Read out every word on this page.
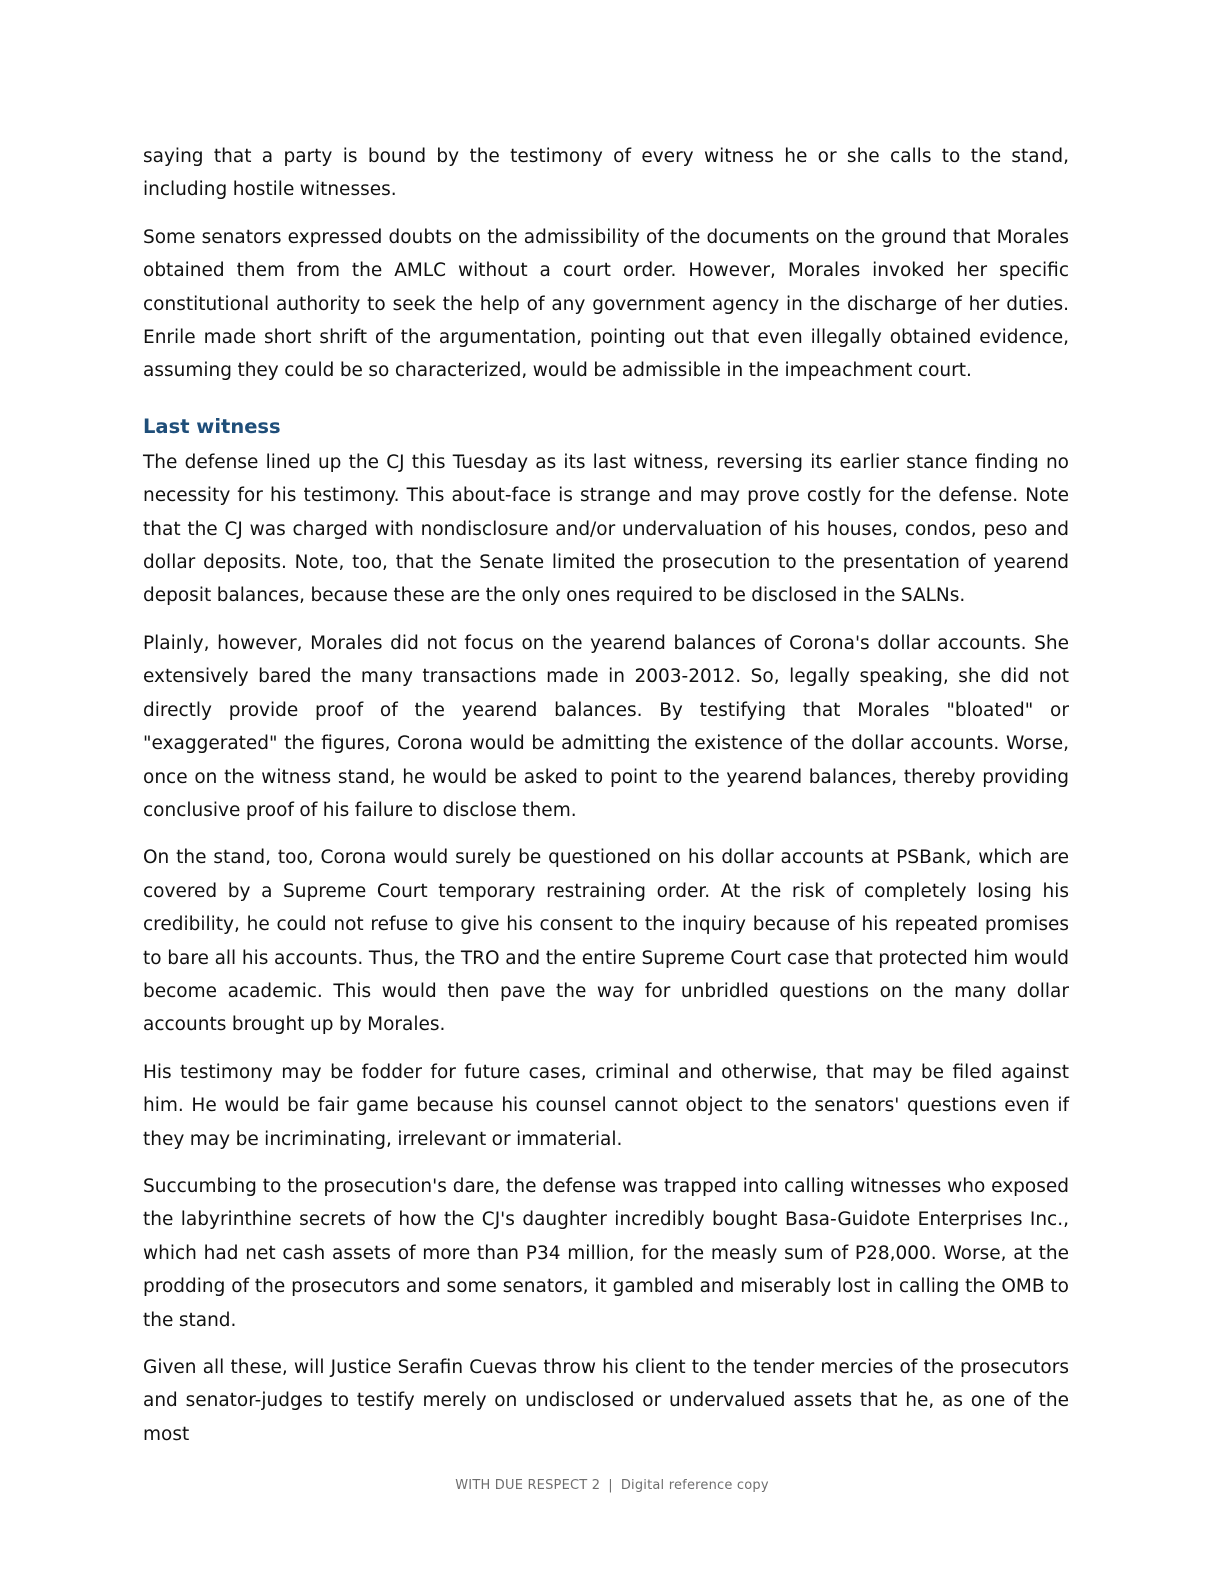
saying that a party is bound by the testimony of every witness he or she calls to the stand, including hostile witnesses.

Some senators expressed doubts on the admissibility of the documents on the ground that Morales obtained them from the AMLC without a court order. However, Morales invoked her specific constitutional authority to seek the help of any government agency in the discharge of her duties. Enrile made short shrift of the argumentation, pointing out that even illegally obtained evidence, assuming they could be so characterized, would be admissible in the impeachment court.

Last witness

The defense lined up the CJ this Tuesday as its last witness, reversing its earlier stance finding no necessity for his testimony. This about-face is strange and may prove costly for the defense. Note that the CJ was charged with nondisclosure and/or undervaluation of his houses, condos, peso and dollar deposits. Note, too, that the Senate limited the prosecution to the presentation of yearend deposit balances, because these are the only ones required to be disclosed in the SALNs.

Plainly, however, Morales did not focus on the yearend balances of Corona's dollar accounts. She extensively bared the many transactions made in 2003-2012. So, legally speaking, she did not directly provide proof of the yearend balances. By testifying that Morales "bloated" or "exaggerated" the figures, Corona would be admitting the existence of the dollar accounts. Worse, once on the witness stand, he would be asked to point to the yearend balances, thereby providing conclusive proof of his failure to disclose them.

On the stand, too, Corona would surely be questioned on his dollar accounts at PSBank, which are covered by a Supreme Court temporary restraining order. At the risk of completely losing his credibility, he could not refuse to give his consent to the inquiry because of his repeated promises to bare all his accounts. Thus, the TRO and the entire Supreme Court case that protected him would become academic. This would then pave the way for unbridled questions on the many dollar accounts brought up by Morales.

His testimony may be fodder for future cases, criminal and otherwise, that may be filed against him. He would be fair game because his counsel cannot object to the senators' questions even if they may be incriminating, irrelevant or immaterial.

Succumbing to the prosecution's dare, the defense was trapped into calling witnesses who exposed the labyrinthine secrets of how the CJ's daughter incredibly bought Basa-Guidote Enterprises Inc., which had net cash assets of more than P34 million, for the measly sum of P28,000. Worse, at the prodding of the prosecutors and some senators, it gambled and miserably lost in calling the OMB to the stand.

Given all these, will Justice Serafin Cuevas throw his client to the tender mercies of the prosecutors and senator-judges to testify merely on undisclosed or undervalued assets that he, as one of the most

WITH DUE RESPECT 2 | Digital reference copy
